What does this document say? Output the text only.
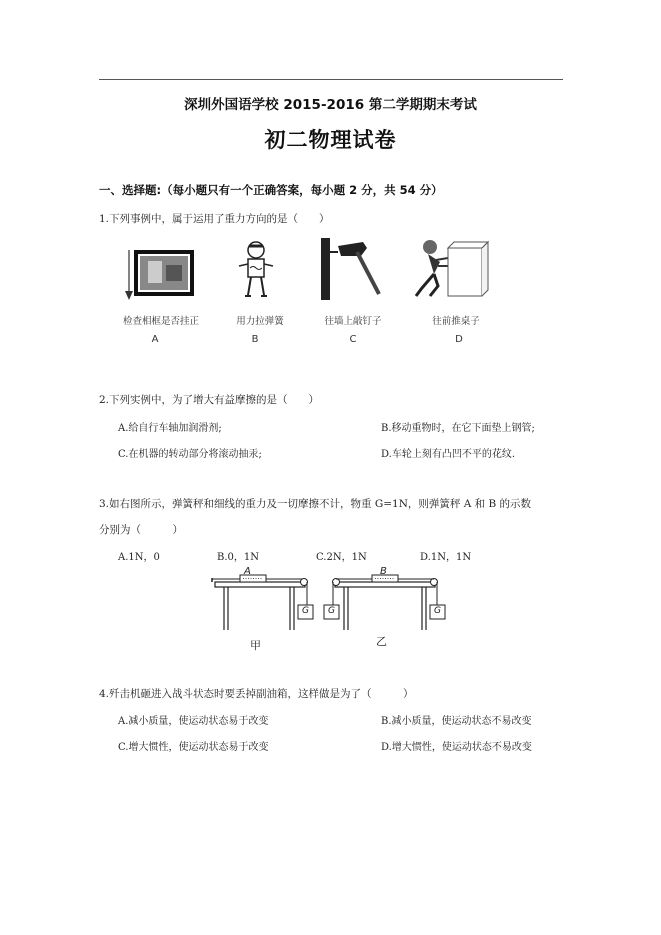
深圳外国语学校 2015-2016 第二学期期末考试
初二物理试卷
一、选择题:（每小题只有一个正确答案，每小题 2 分，共 54 分）
1.下列事例中，属于运用了重力方向的是（　　）
检查相框是否挂正
A
用力拉弹簧
B
往墙上敲钉子
C
往前推桌子
D
2.下列实例中，为了增大有益摩擦的是（　　）
A.给自行车轴加润滑剂;	B.移动重物时，在它下面垫上钢管;
C.在机器的转动部分将滚动抽汞;	D.车轮上刻有凸凹不平的花纹.
3.如右图所示，弹簧秤和细线的重力及一切摩擦不计，物重 G=1N，则弹簧秤 A 和 B 的示数
分别为（　　　）
A.1N，0	B.0，1N	C.2N，1N	D.1N，1N
A
G
甲
B
G	G
乙
4.歼击机砸进入战斗状态时要丢掉副油箱，这样做是为了（　　　）
A.减小质量，使运动状态易于改变	B.减小质量，使运动状态不易改变
C.增大惯性，使运动状态易于改变	D.增大惯性，使运动状态不易改变
